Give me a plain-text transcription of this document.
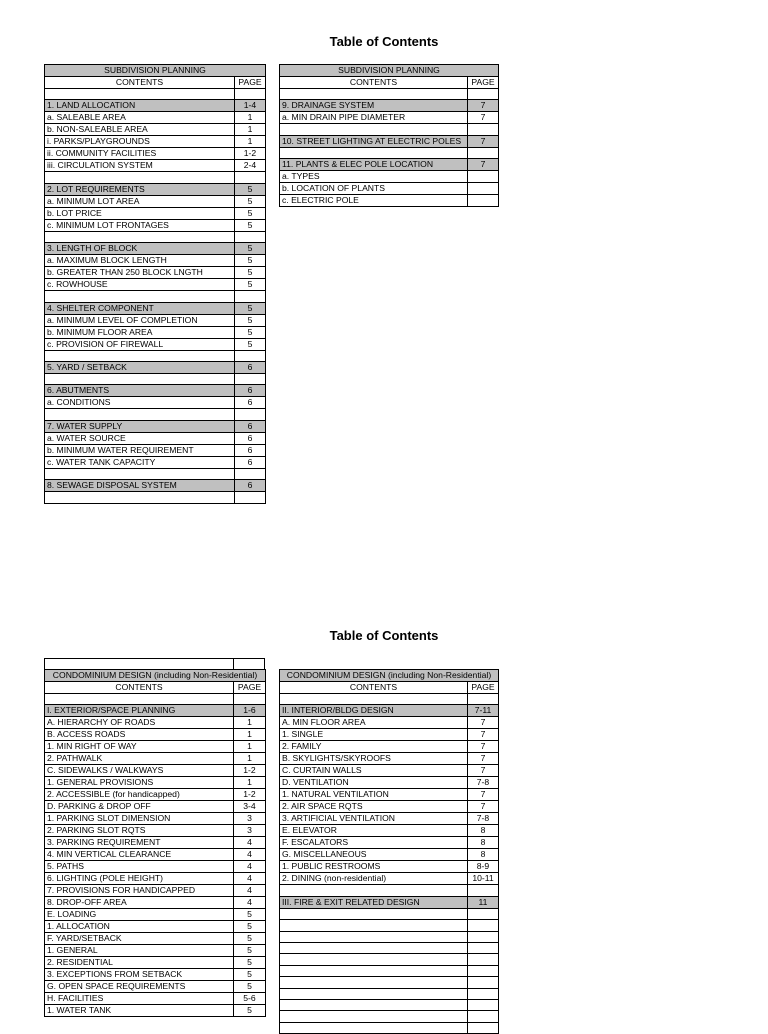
Table of Contents
SUBDIVISION PLANNING	
CONTENTS	PAGE

1. LAND ALLOCATION	1-4
a. SALEABLE AREA	1
b. NON-SALEABLE AREA	1
i. PARKS/PLAYGROUNDS	1
ii. COMMUNITY FACILITIES	1-2
iii. CIRCULATION SYSTEM	2-4

2. LOT REQUIREMENTS	5
a. MINIMUM LOT AREA	5
b. LOT PRICE	5
c. MINIMUM LOT FRONTAGES	5

3. LENGTH OF BLOCK	5
a. MAXIMUM BLOCK LENGTH	5
b. GREATER THAN 250 BLOCK LNGTH	5
c. ROWHOUSE	5

4. SHELTER COMPONENT	5
a. MINIMUM LEVEL OF COMPLETION	5
b. MINIMUM FLOOR AREA	5
c. PROVISION OF FIREWALL	5

5. YARD / SETBACK	6

6. ABUTMENTS	6
a. CONDITIONS	6

7. WATER SUPPLY	6
a. WATER SOURCE	6
b. MINIMUM WATER REQUIREMENT	6
c. WATER TANK CAPACITY	6

8. SEWAGE DISPOSAL SYSTEM	6

SUBDIVISION PLANNING	
CONTENTS	PAGE

9. DRAINAGE SYSTEM	7
a. MIN DRAIN PIPE DIAMETER	7

10. STREET LIGHTING AT ELECTRIC POLES	7

11. PLANTS & ELEC POLE LOCATION	7
a. TYPES	
b. LOCATION OF PLANTS	
c. ELECTRIC POLE	
Table of Contents
CONDOMINIUM DESIGN (including Non-Residential)	
CONTENTS	PAGE

I. EXTERIOR/SPACE PLANNING	1-6
A. HIERARCHY OF ROADS	1
B. ACCESS ROADS	1
1. MIN RIGHT OF WAY	1
2. PATHWALK	1
C. SIDEWALKS / WALKWAYS	1-2
1. GENERAL PROVISIONS	1
2. ACCESSIBLE (for handicapped)	1-2
D. PARKING & DROP OFF	3-4
1. PARKING SLOT DIMENSION	3
2. PARKING SLOT RQTS	3
3. PARKING REQUIREMENT	4
4. MIN VERTICAL CLEARANCE	4
5. PATHS	4
6. LIGHTING (POLE HEIGHT)	4
7. PROVISIONS FOR HANDICAPPED	4
8. DROP-OFF AREA	4
E. LOADING	5
1. ALLOCATION	5
F. YARD/SETBACK	5
1. GENERAL	5
2. RESIDENTIAL	5
3. EXCEPTIONS FROM SETBACK	5
G. OPEN SPACE REQUIREMENTS	5
H. FACILITIES	5-6
1. WATER TANK	5
CONDOMINIUM DESIGN (including Non-Residential)	
CONTENTS	PAGE

II. INTERIOR/BLDG DESIGN	7-11
A. MIN FLOOR AREA	7
1. SINGLE	7
2. FAMILY	7
B. SKYLIGHTS/SKYROOFS	7
C. CURTAIN WALLS	7
D. VENTILATION	7-8
1. NATURAL VENTILATION	7
2. AIR SPACE RQTS	7
3. ARTIFICIAL VENTILATION	7-8
E. ELEVATOR	8
F. ESCALATORS	8
G. MISCELLANEOUS	8
1. PUBLIC RESTROOMS	8-9
2. DINING (non-residential)	10-11

III. FIRE & EXIT RELATED DESIGN	11
